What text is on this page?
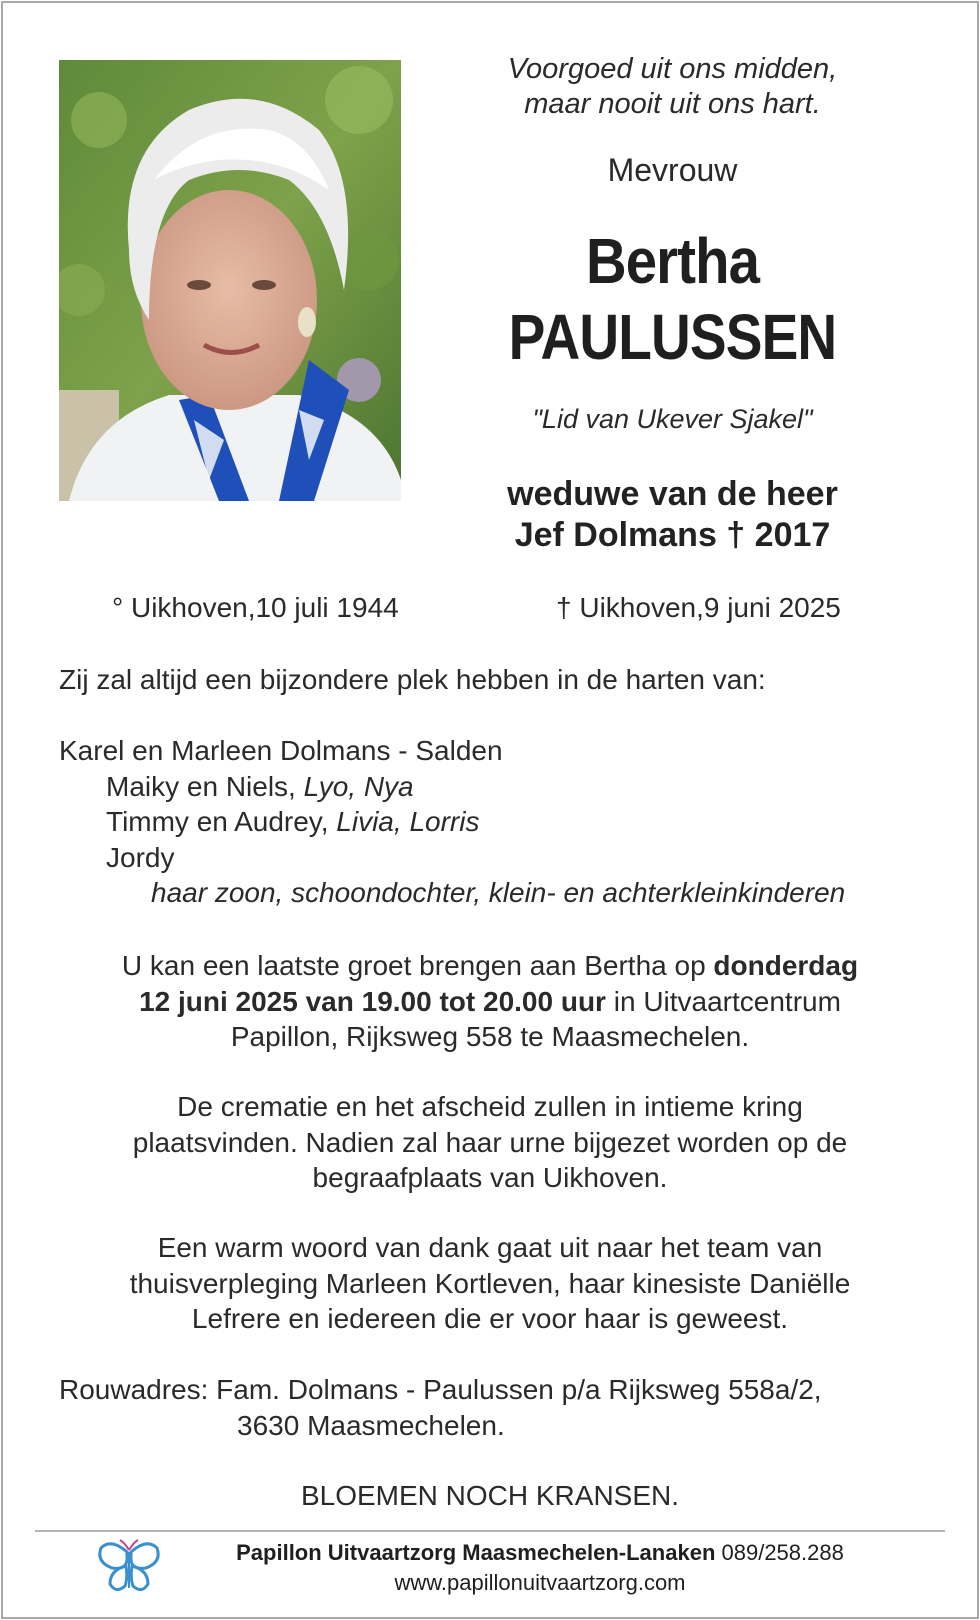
Voorgoed uit ons midden,
maar nooit uit ons hart.
Mevrouw
Bertha
PAULUSSEN
"Lid van Ukever Sjakel"
weduwe van de heer
Jef Dolmans † 2017
° Uikhoven,10 juli 1944	† Uikhoven,9 juni 2025
Zij zal altijd een bijzondere plek hebben in de harten van:
Karel en Marleen Dolmans - Salden
Maiky en Niels, Lyo, Nya
Timmy en Audrey, Livia, Lorris
Jordy
haar zoon, schoondochter, klein- en achterkleinkinderen
U kan een laatste groet brengen aan Bertha op donderdag
12 juni 2025 van 19.00 tot 20.00 uur in Uitvaartcentrum
Papillon, Rijksweg 558 te Maasmechelen.
De crematie en het afscheid zullen in intieme kring
plaatsvinden. Nadien zal haar urne bijgezet worden op de
begraafplaats van Uikhoven.
Een warm woord van dank gaat uit naar het team van
thuisverpleging Marleen Kortleven, haar kinesiste Daniëlle
Lefrere en iedereen die er voor haar is geweest.
Rouwadres: Fam. Dolmans - Paulussen p/a Rijksweg 558a/2,
3630 Maasmechelen.
BLOEMEN NOCH KRANSEN.
Papillon Uitvaartzorg Maasmechelen-Lanaken 089/258.288
www.papillonuitvaartzorg.com
